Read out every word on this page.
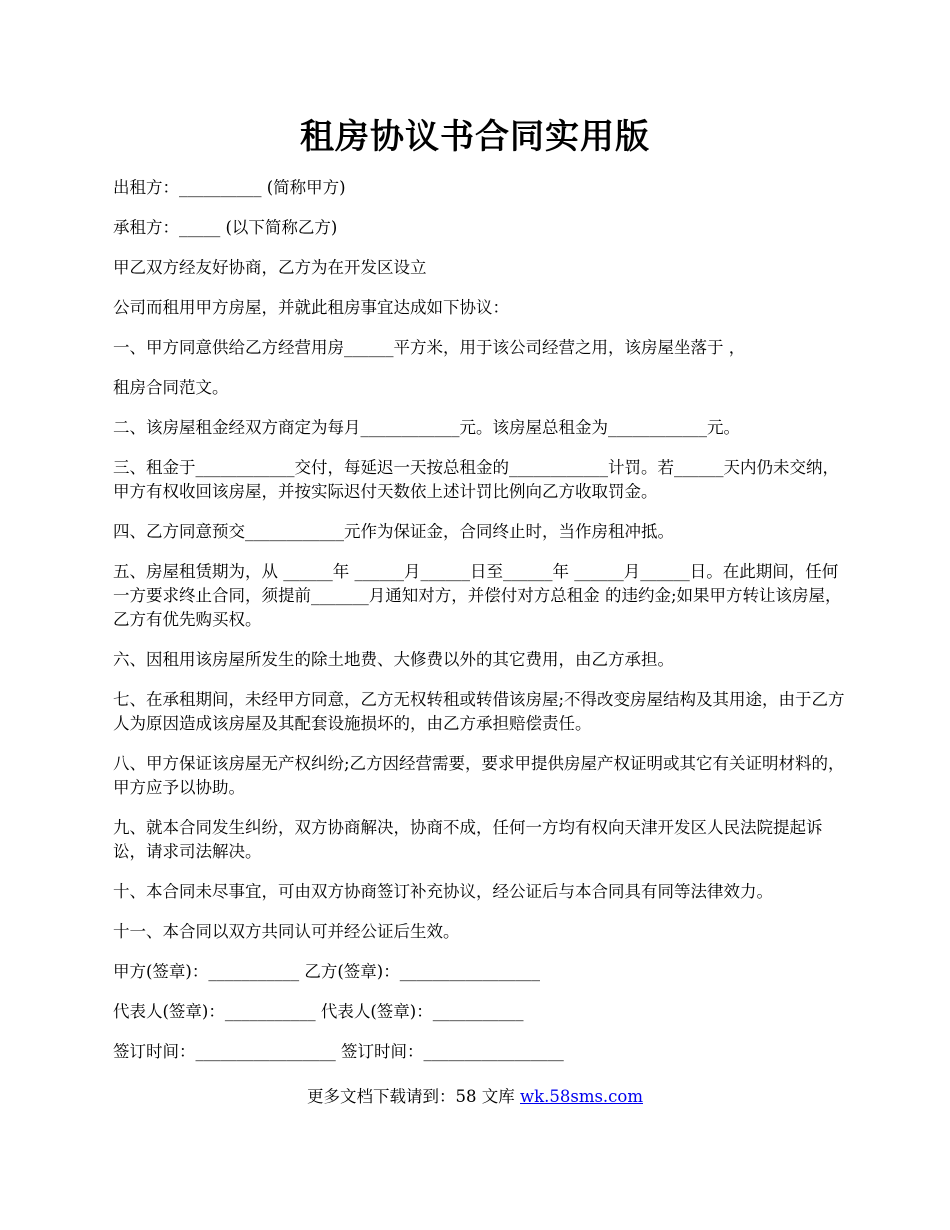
租房协议书合同实用版

出租方：__________ (简称甲方)

承租方：_____ (以下简称乙方)

甲乙双方经友好协商，乙方为在开发区设立

公司而租用甲方房屋，并就此租房事宜达成如下协议：

一、甲方同意供给乙方经营用房______平方米，用于该公司经营之用，该房屋坐落于 ，

租房合同范文。

二、该房屋租金经双方商定为每月____________元。该房屋总租金为____________元。

三、租金于____________交付，每延迟一天按总租金的____________计罚。若______天内仍未交纳，甲方有权收回该房屋，并按实际迟付天数依上述计罚比例向乙方收取罚金。

四、乙方同意预交____________元作为保证金，合同终止时，当作房租冲抵。

五、房屋租赁期为，从 ______年 ______月______日至______年 ______月______日。在此期间，任何一方要求终止合同，须提前_______月通知对方，并偿付对方总租金 的违约金;如果甲方转让该房屋，乙方有优先购买权。

六、因租用该房屋所发生的除土地费、大修费以外的其它费用，由乙方承担。

七、在承租期间，未经甲方同意，乙方无权转租或转借该房屋;不得改变房屋结构及其用途，由于乙方人为原因造成该房屋及其配套设施损坏的，由乙方承担赔偿责任。

八、甲方保证该房屋无产权纠纷;乙方因经营需要，要求甲提供房屋产权证明或其它有关证明材料的，甲方应予以协助。

九、就本合同发生纠纷，双方协商解决，协商不成，任何一方均有权向天津开发区人民法院提起诉讼，请求司法解决。

十、本合同未尽事宜，可由双方协商签订补充协议，经公证后与本合同具有同等法律效力。

十一、本合同以双方共同认可并经公证后生效。

甲方(签章)：___________ 乙方(签章)：_________________

代表人(签章)：___________ 代表人(签章)：___________

签订时间：_________________ 签订时间：_________________

更多文档下载请到：58 文库 wk.58sms.com
